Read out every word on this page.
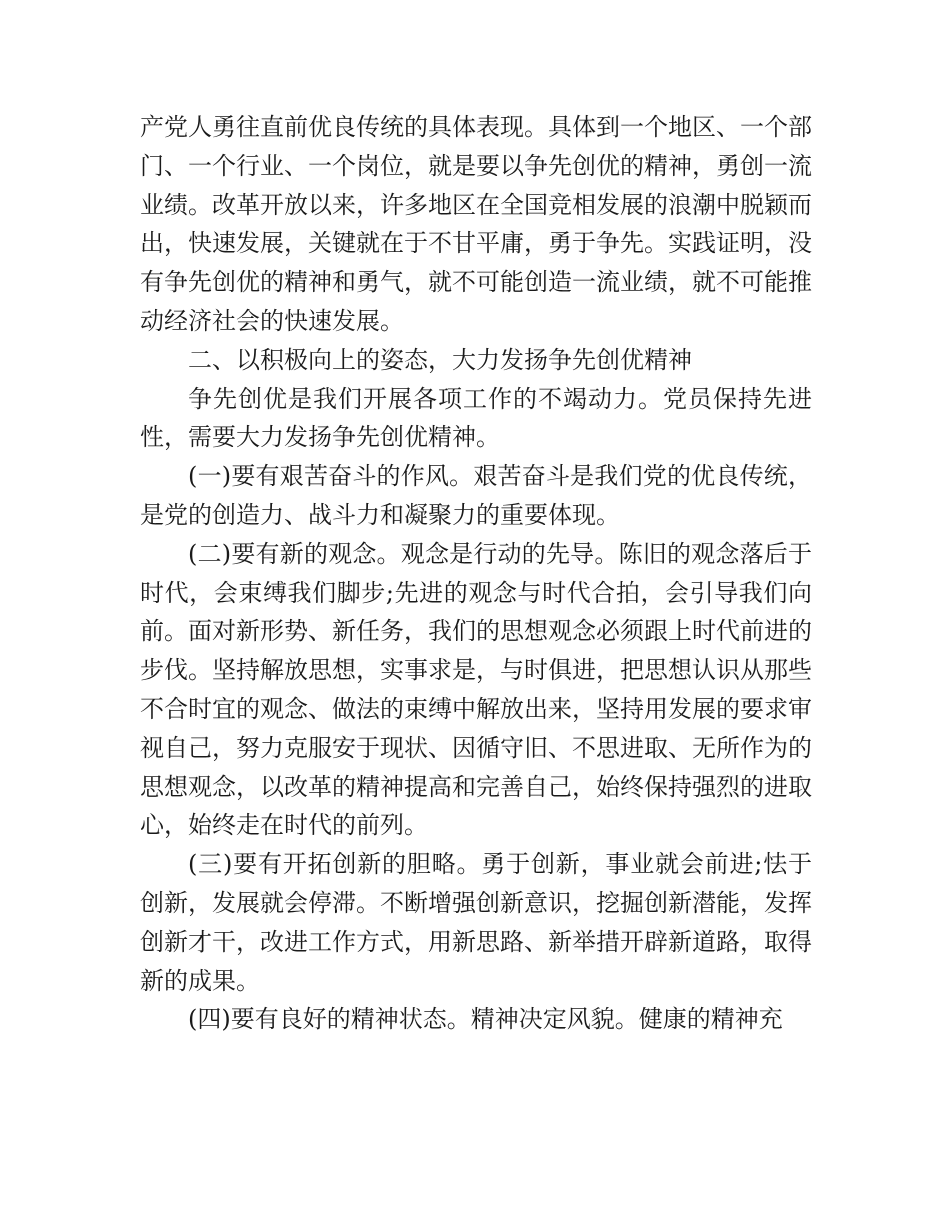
产党人勇往直前优良传统的具体表现。具体到一个地区、一个部门、一个行业、一个岗位，就是要以争先创优的精神，勇创一流业绩。改革开放以来，许多地区在全国竞相发展的浪潮中脱颖而出，快速发展，关键就在于不甘平庸，勇于争先。实践证明，没有争先创优的精神和勇气，就不可能创造一流业绩，就不可能推动经济社会的快速发展。

二、以积极向上的姿态，大力发扬争先创优精神

争先创优是我们开展各项工作的不竭动力。党员保持先进性，需要大力发扬争先创优精神。

(一)要有艰苦奋斗的作风。艰苦奋斗是我们党的优良传统，是党的创造力、战斗力和凝聚力的重要体现。

(二)要有新的观念。观念是行动的先导。陈旧的观念落后于时代，会束缚我们脚步;先进的观念与时代合拍，会引导我们向前。面对新形势、新任务，我们的思想观念必须跟上时代前进的步伐。坚持解放思想，实事求是，与时俱进，把思想认识从那些不合时宜的观念、做法的束缚中解放出来，坚持用发展的要求审视自己，努力克服安于现状、因循守旧、不思进取、无所作为的思想观念，以改革的精神提高和完善自己，始终保持强烈的进取心，始终走在时代的前列。

(三)要有开拓创新的胆略。勇于创新，事业就会前进;怯于创新，发展就会停滞。不断增强创新意识，挖掘创新潜能，发挥创新才干，改进工作方式，用新思路、新举措开辟新道路，取得新的成果。

(四)要有良好的精神状态。精神决定风貌。健康的精神充
